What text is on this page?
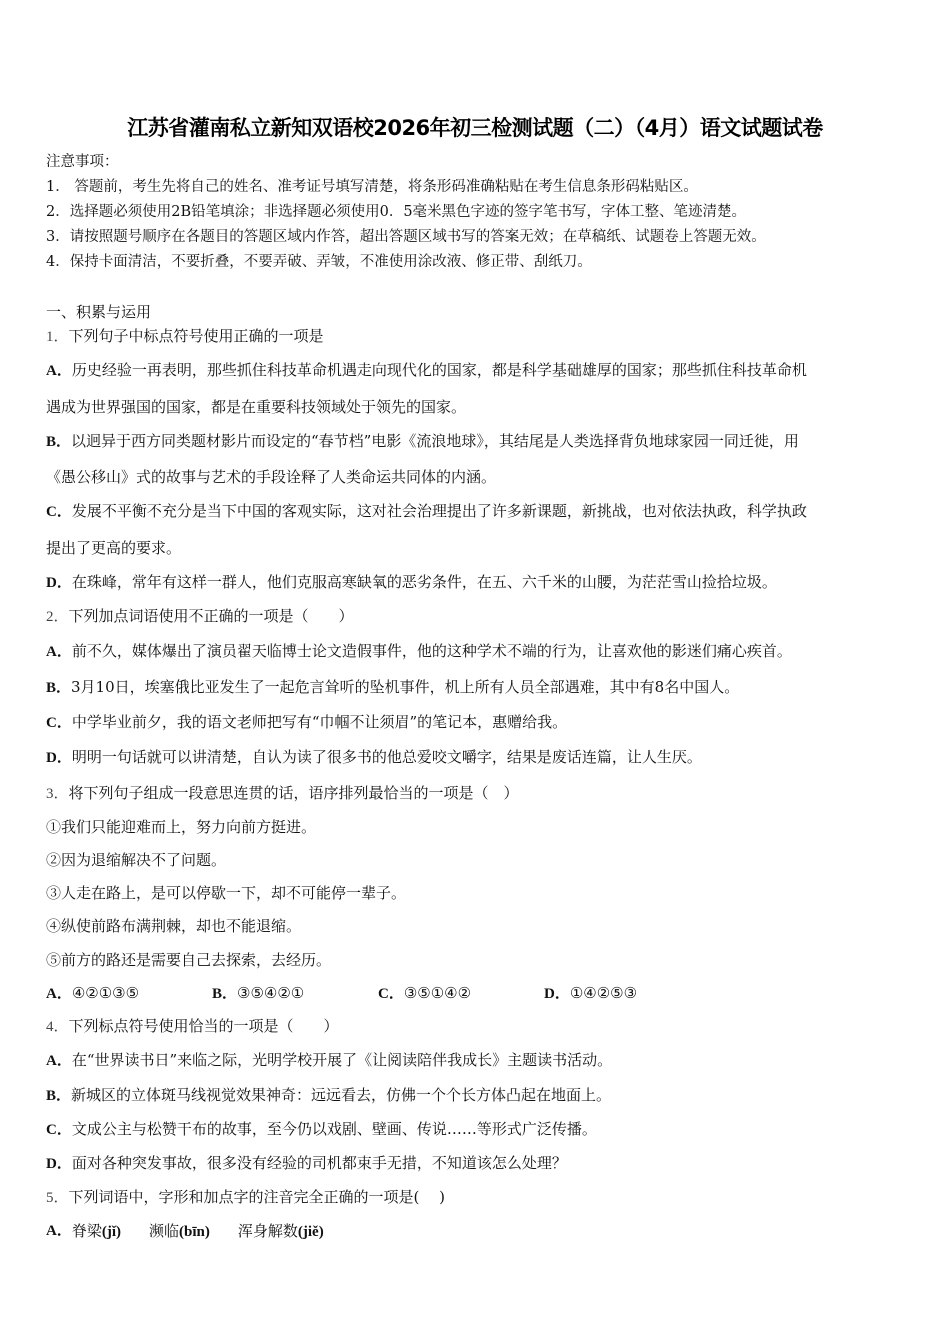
江苏省灌南私立新知双语校2026年初三检测试题（二）（4月）语文试题试卷
注意事项：
1． 答题前，考生先将自己的姓名、准考证号填写清楚，将条形码准确粘贴在考生信息条形码粘贴区。
2．选择题必须使用2B铅笔填涂；非选择题必须使用0．5毫米黑色字迹的签字笔书写，字体工整、笔迹清楚。
3．请按照题号顺序在各题目的答题区域内作答，超出答题区域书写的答案无效；在草稿纸、试题卷上答题无效。
4．保持卡面清洁，不要折叠，不要弄破、弄皱，不准使用涂改液、修正带、刮纸刀。
一、积累与运用
1．下列句子中标点符号使用正确的一项是
A．历史经验一再表明，那些抓住科技革命机遇走向现代化的国家，都是科学基础雄厚的国家；那些抓住科技革命机
遇成为世界强国的国家，都是在重要科技领域处于领先的国家。
B．以迥异于西方同类题材影片而设定的“春节档”电影《流浪地球》，其结尾是人类选择背负地球家园一同迁徙，用
《愚公移山》式的故事与艺术的手段诠释了人类命运共同体的内涵。
C．发展不平衡不充分是当下中国的客观实际，这对社会治理提出了许多新课题，新挑战，也对依法执政，科学执政
提出了更高的要求。
D．在珠峰，常年有这样一群人，他们克服高寒缺氧的恶劣条件，在五、六千米的山腰，为茫茫雪山捡拾垃圾。
2．下列加点词语使用不正确的一项是（　　）
A．前不久，媒体爆出了演员翟天临博士论文造假事件，他的这种学术不端的行为，让喜欢他的影迷们痛心疾首。
B．3月10日，埃塞俄比亚发生了一起危言耸听的坠机事件，机上所有人员全部遇难，其中有8名中国人。
C．中学毕业前夕，我的语文老师把写有“巾帼不让须眉”的笔记本，惠赠给我。
D．明明一句话就可以讲清楚，自认为读了很多书的他总爱咬文嚼字，结果是废话连篇，让人生厌。
3．将下列句子组成一段意思连贯的话，语序排列最恰当的一项是（　）
①我们只能迎难而上，努力向前方挺进。
②因为退缩解决不了问题。
③人走在路上，是可以停歇一下，却不可能停一辈子。
④纵使前路布满荆棘，却也不能退缩。
⑤前方的路还是需要自己去探索，去经历。
A．④②①③⑤	B．③⑤④②①	C．③⑤①④②	D．①④②⑤③
4．下列标点符号使用恰当的一项是（　　）
A．在“世界读书日”来临之际，光明学校开展了《让阅读陪伴我成长》主题读书活动。
B．新城区的立体斑马线视觉效果神奇：远远看去，仿佛一个个长方体凸起在地面上。
C．文成公主与松赞干布的故事，至今仍以戏剧、壁画、传说……等形式广泛传播。
D．面对各种突发事故，很多没有经验的司机都束手无措，不知道该怎么处理？
5．下列词语中，字形和加点字的注音完全正确的一项是(　 )
A． 脊梁(jǐ) 濒临(bīn) 浑身解数(jiě)
